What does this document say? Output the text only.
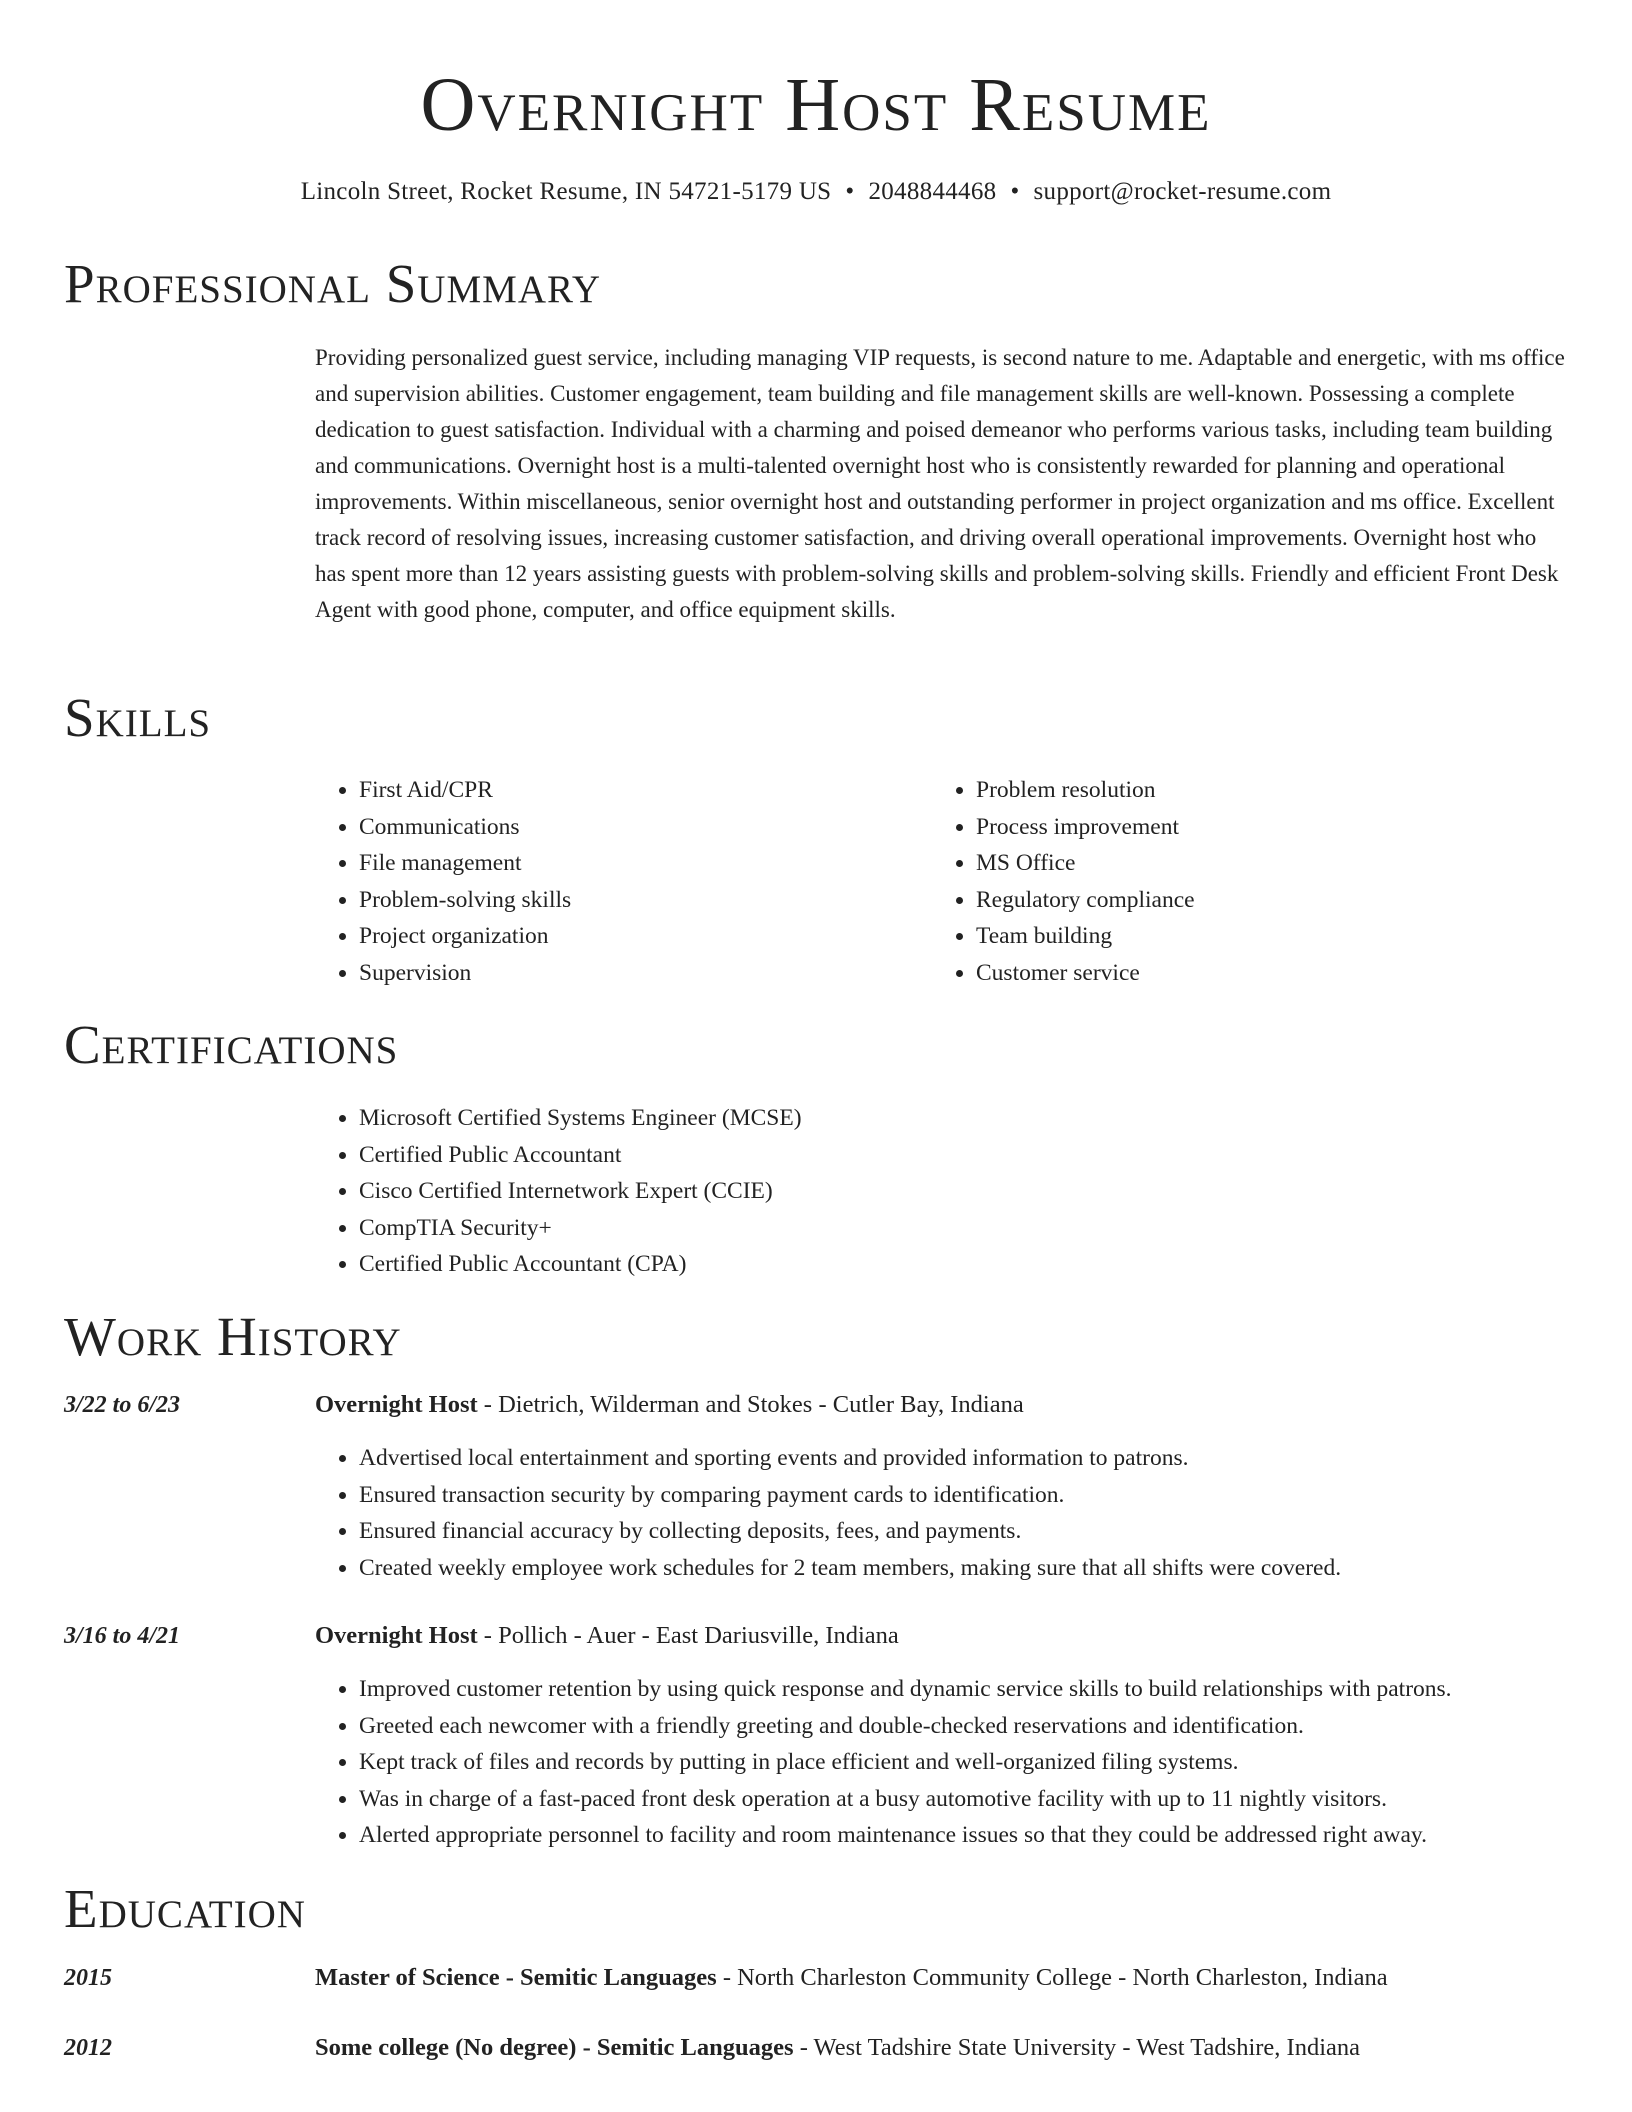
Overnight Host Resume
Lincoln Street, Rocket Resume, IN 54721-5179 US • 2048844468 • support@rocket-resume.com
Professional Summary

Providing personalized guest service, including managing VIP requests, is second nature to me. Adaptable and energetic, with ms office and supervision abilities. Customer engagement, team building and file management skills are well-known. Possessing a complete dedication to guest satisfaction. Individual with a charming and poised demeanor who performs various tasks, including team building and communications. Overnight host is a multi-talented overnight host who is consistently rewarded for planning and operational improvements. Within miscellaneous, senior overnight host and outstanding performer in project organization and ms office. Excellent track record of resolving issues, increasing customer satisfaction, and driving overall operational improvements. Overnight host who has spent more than 12 years assisting guests with problem-solving skills and problem-solving skills. Friendly and efficient Front Desk Agent with good phone, computer, and office equipment skills.

Skills
• First Aid/CPR
• Communications
• File management
• Problem-solving skills
• Project organization
• Supervision
• Problem resolution
• Process improvement
• MS Office
• Regulatory compliance
• Team building
• Customer service
Certifications
• Microsoft Certified Systems Engineer (MCSE)
• Certified Public Accountant
• Cisco Certified Internetwork Expert (CCIE)
• CompTIA Security+
• Certified Public Accountant (CPA)
Work History
3/22 to 6/23	Overnight Host - Dietrich, Wilderman and Stokes - Cutler Bay, Indiana
• Advertised local entertainment and sporting events and provided information to patrons.
• Ensured transaction security by comparing payment cards to identification.
• Ensured financial accuracy by collecting deposits, fees, and payments.
• Created weekly employee work schedules for 2 team members, making sure that all shifts were covered.
3/16 to 4/21	Overnight Host - Pollich - Auer - East Dariusville, Indiana
• Improved customer retention by using quick response and dynamic service skills to build relationships with patrons.
• Greeted each newcomer with a friendly greeting and double-checked reservations and identification.
• Kept track of files and records by putting in place efficient and well-organized filing systems.
• Was in charge of a fast-paced front desk operation at a busy automotive facility with up to 11 nightly visitors.
• Alerted appropriate personnel to facility and room maintenance issues so that they could be addressed right away.
Education
2015	Master of Science - Semitic Languages - North Charleston Community College - North Charleston, Indiana
2012	Some college (No degree) - Semitic Languages - West Tadshire State University - West Tadshire, Indiana
